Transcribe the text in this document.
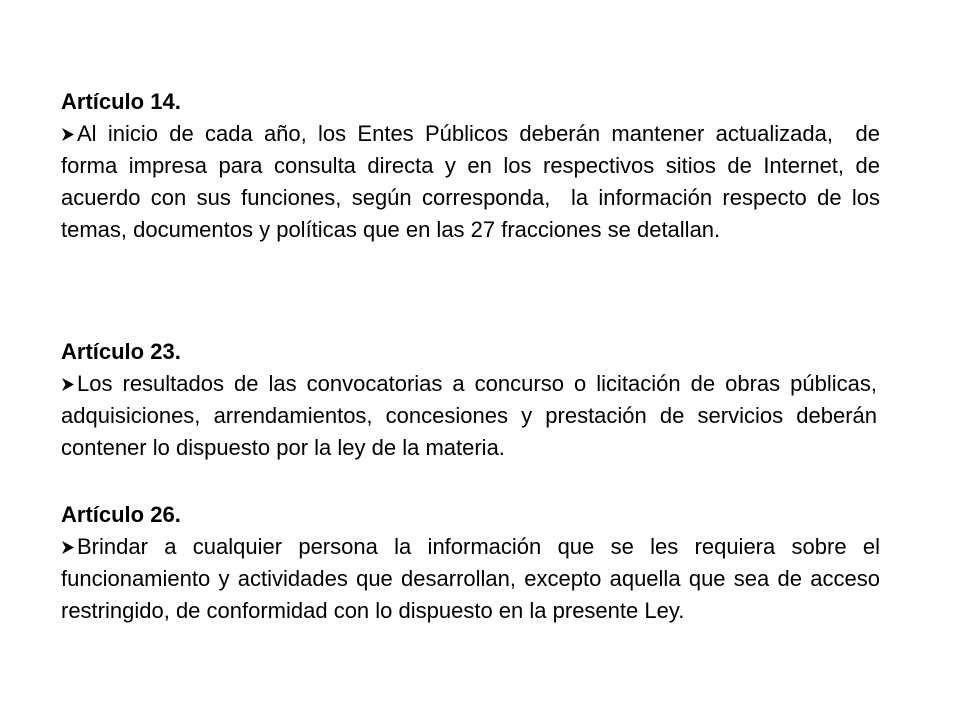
Artículo 14.

Al inicio de cada año, los Entes Públicos deberán mantener actualizada,  de forma impresa para consulta directa y en los respectivos sitios de Internet, de acuerdo con sus funciones, según corresponda,  la información respecto de los temas, documentos y políticas que en las 27 fracciones se detallan.

Artículo 23.

Los resultados de las convocatorias a concurso o licitación de obras públicas, adquisiciones, arrendamientos, concesiones y prestación de servicios deberán contener lo dispuesto por la ley de la materia.

Artículo 26.

Brindar a cualquier persona la información que se les requiera sobre el funcionamiento y actividades que desarrollan, excepto aquella que sea de acceso restringido, de conformidad con lo dispuesto en la presente Ley.
